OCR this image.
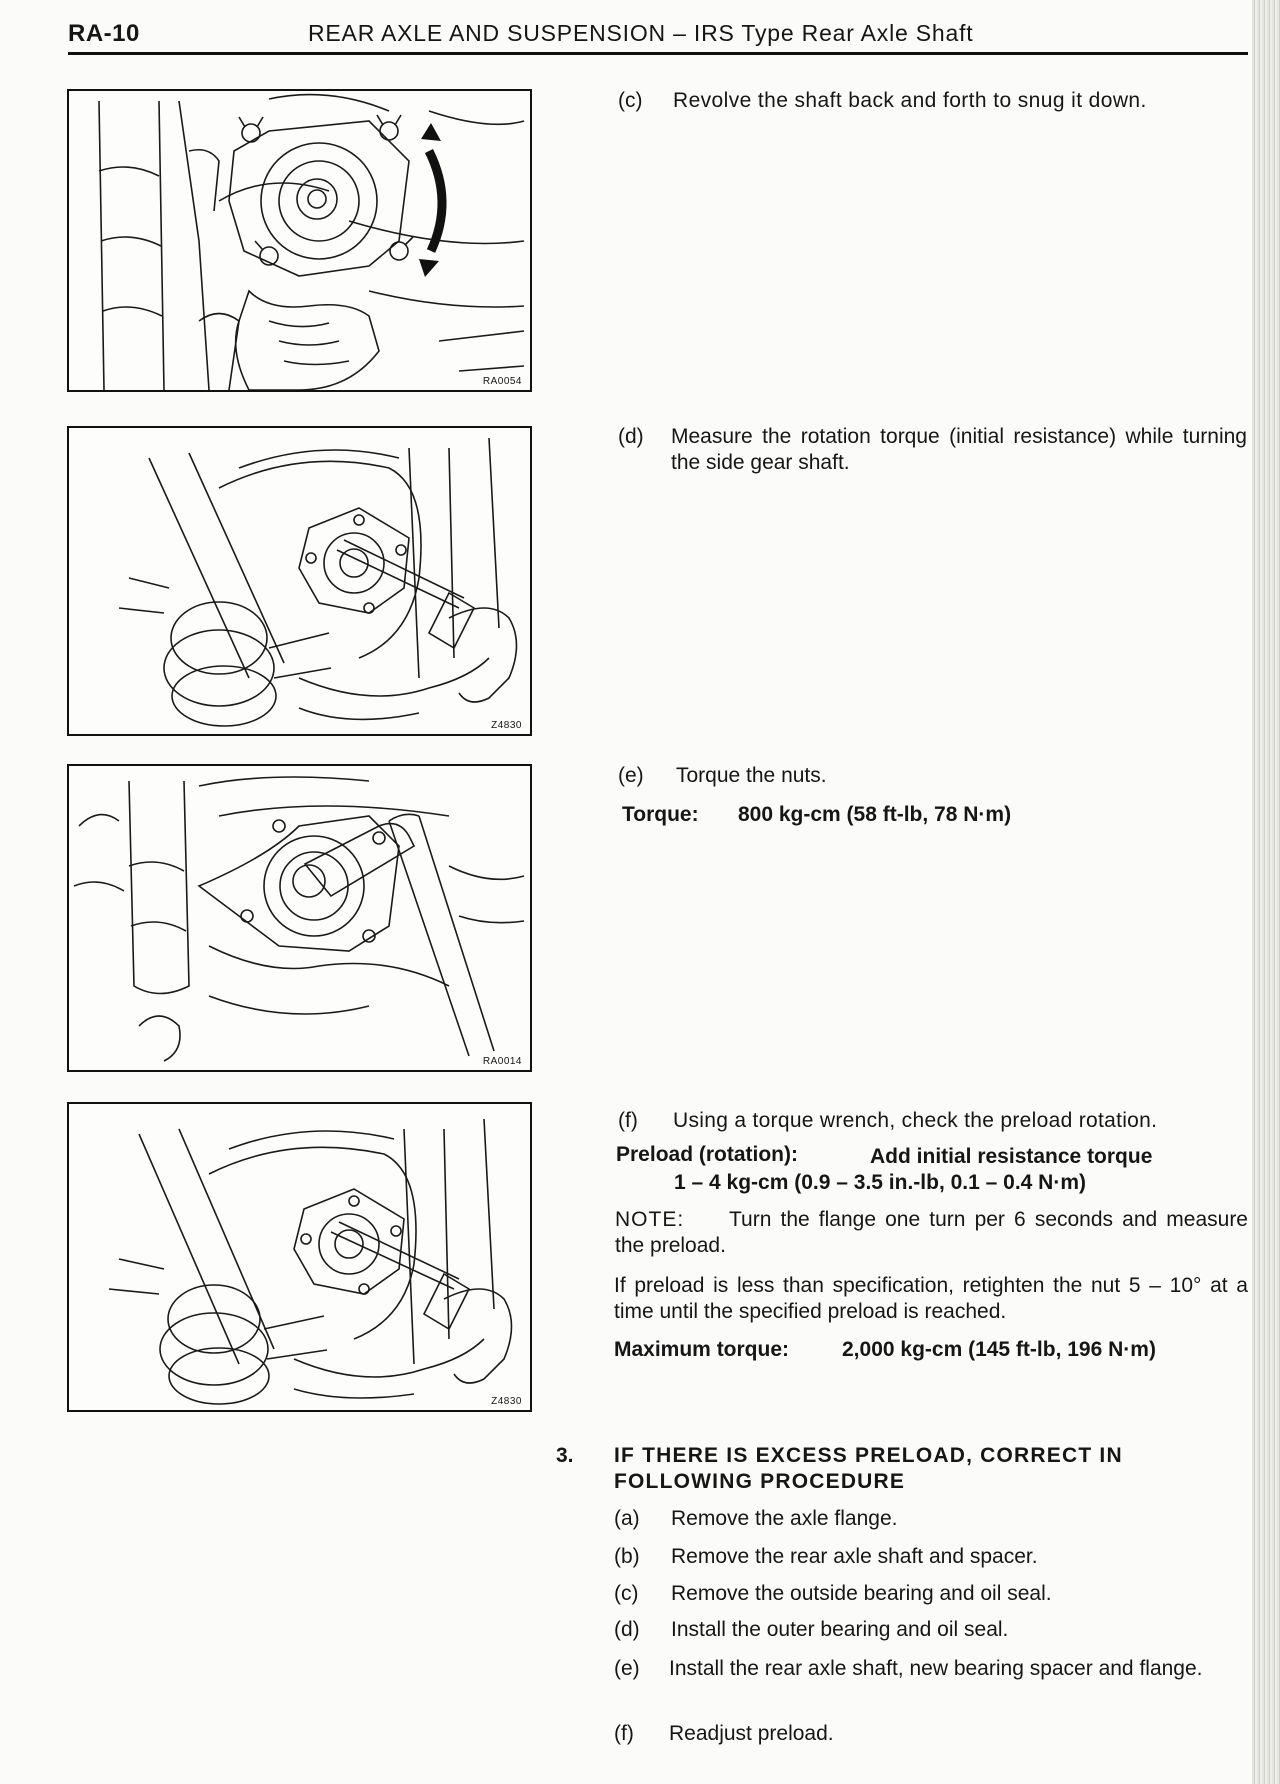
RA-10	REAR AXLE AND SUSPENSION – IRS Type Rear Axle Shaft
RA0054
Z4830
RA0014
Z4830
(c) Revolve the shaft back and forth to snug it down.
(d) Measure the rotation torque (initial resistance) while turning the side gear shaft.
(e) Torque the nuts.
Torque: 800 kg-cm (58 ft-lb, 78 N·m)
(f) Using a torque wrench, check the preload rotation.
Preload (rotation):	Add initial resistance torque
1 – 4 kg-cm (0.9 – 3.5 in.-lb, 0.1 – 0.4 N·m)
NOTE:	Turn the flange one turn per 6 seconds and measure the preload.
If preload is less than specification, retighten the nut 5 – 10° at a time until the specified preload is reached.
Maximum torque:	2,000 kg-cm (145 ft-lb, 196 N·m)
3. IF THERE IS EXCESS PRELOAD, CORRECT IN FOLLOWING PROCEDURE
(a) Remove the axle flange.
(b) Remove the rear axle shaft and spacer.
(c) Remove the outside bearing and oil seal.
(d) Install the outer bearing and oil seal.
(e) Install the rear axle shaft, new bearing spacer and flange.
(f) Readjust preload.
